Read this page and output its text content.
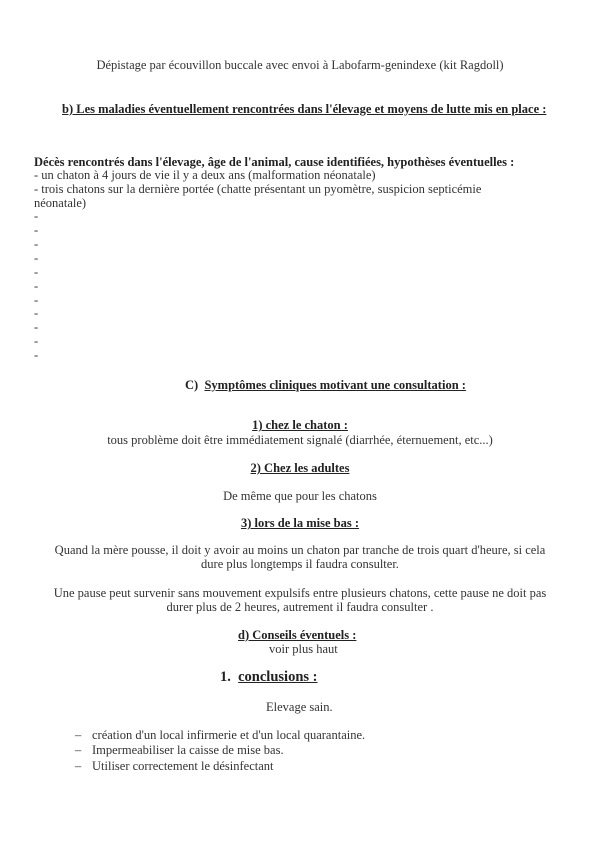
Dépistage par écouvillon buccale avec envoi à Labofarm-genindexe (kit Ragdoll)
b) Les maladies éventuellement rencontrées dans l'élevage et moyens de lutte mis en place :
Décès rencontrés dans l'élevage, âge de l'animal, cause identifiées, hypothèses éventuelles :
- un chaton à 4 jours de vie il y a deux ans (malformation néonatale)
- trois chatons sur la dernière portée (chatte présentant un pyomètre, suspicion septicémie
néonatale)
-
-
-
-
-
-
-
-
-
-
-
C) Symptômes cliniques motivant une consultation :
1) chez le chaton :
tous problème doit être immédiatement signalé (diarrhée, éternuement, etc...)
2) Chez les adultes
De même que pour les chatons
3) lors de la mise bas :
Quand la mère pousse, il doit y avoir au moins un chaton par tranche de trois quart d'heure, si cela
dure plus longtemps il faudra consulter.
Une pause peut survenir sans mouvement expulsifs entre plusieurs chatons, cette pause ne doit pas
durer plus de 2 heures, autrement il faudra consulter .
d) Conseils éventuels :
voir plus haut
1. conclusions :
Elevage sain.
– création d'un local infirmerie et d'un local quarantaine.
– Impermeabiliser la caisse de mise bas.
– Utiliser correctement le désinfectant
